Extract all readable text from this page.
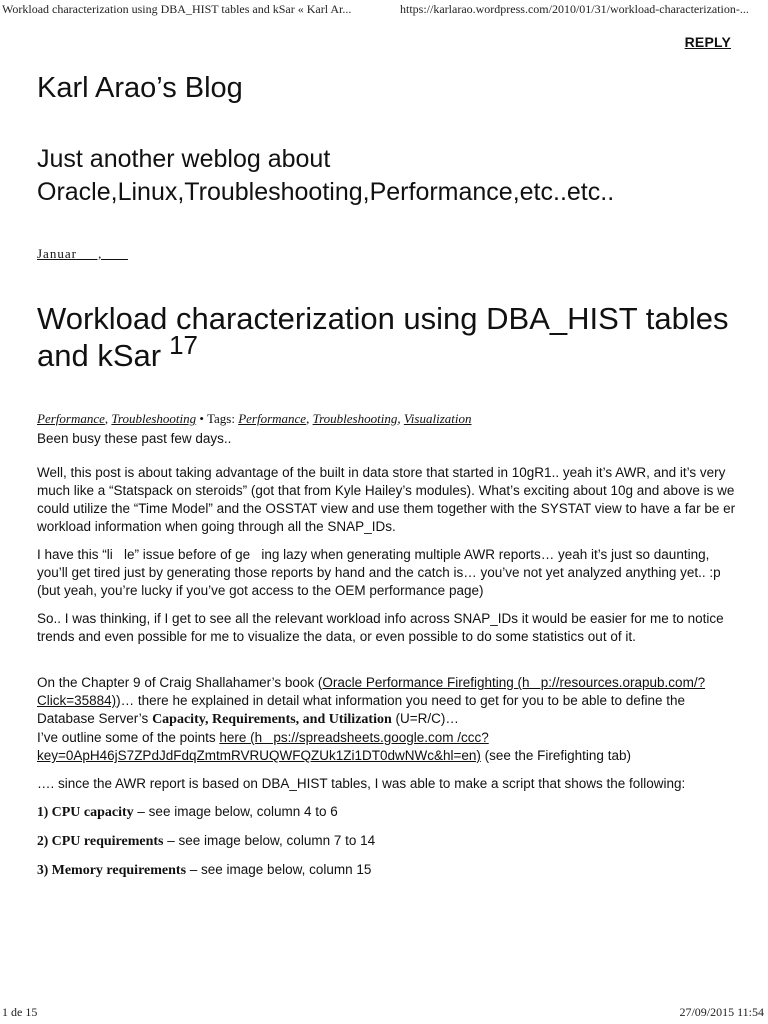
Workload characterization using DBA_HIST tables and kSar « Karl Ar...	https://karlarao.wordpress.com/2010/01/31/workload-characterization-...
REPLY
Karl Arao’s Blog
Just another weblog about Oracle,Linux,Troubleshooting,Performance,etc..etc..
Januar     ,
Workload characterization using DBA_HIST tables and kSar $^{17}$
Performance, Troubleshooting • Tags: Performance, Troubleshooting, Visualization

Been busy these past few days..

Well, this post is about taking advantage of the built in data store that started in 10gR1.. yeah it’s AWR, and it’s very much like a “Statspack on steroids” (got that from Kyle Hailey’s modules). What’s exciting about 10g and above is we could utilize the “Time Model” and the OSSTAT view and use them together with the SYSTAT view to have a far be er workload information when going through all the SNAP_IDs.

I have this “li   le” issue before of ge   ing lazy when generating multiple AWR reports… yeah it’s just so daunting, you’ll get tired just by generating those reports by hand and the catch is… you’ve not yet analyzed anything yet.. :p   (but yeah, you’re lucky if you’ve got access to the OEM performance page)

So.. I was thinking, if I get to see all the relevant workload info across SNAP_IDs it would be easier for me to notice trends and even possible for me to visualize the data, or even possible to do some statistics out of it.

On the Chapter 9 of Craig Shallahamer’s book (Oracle Performance Firefighting (h   p://resources.orapub.com/?Click=35884))… there he explained in detail what information you need to get for you to be able to define the Database Server’s Capacity, Requirements, and Utilization (U=R/C)…
I’ve outline some of the points here (h   ps://spreadsheets.google.com /ccc?key=0ApH46jS7ZPdJdFdqZmtmRVRUQWFQZUk1Zi1DT0dwNWc&hl=en) (see the Firefighting tab)

…. since the AWR report is based on DBA_HIST tables, I was able to make a script that shows the following:

1) CPU capacity – see image below, column 4 to 6

2) CPU requirements – see image below, column 7 to 14

3) Memory requirements – see image below, column 15

1 de 15	27/09/2015 11:54
